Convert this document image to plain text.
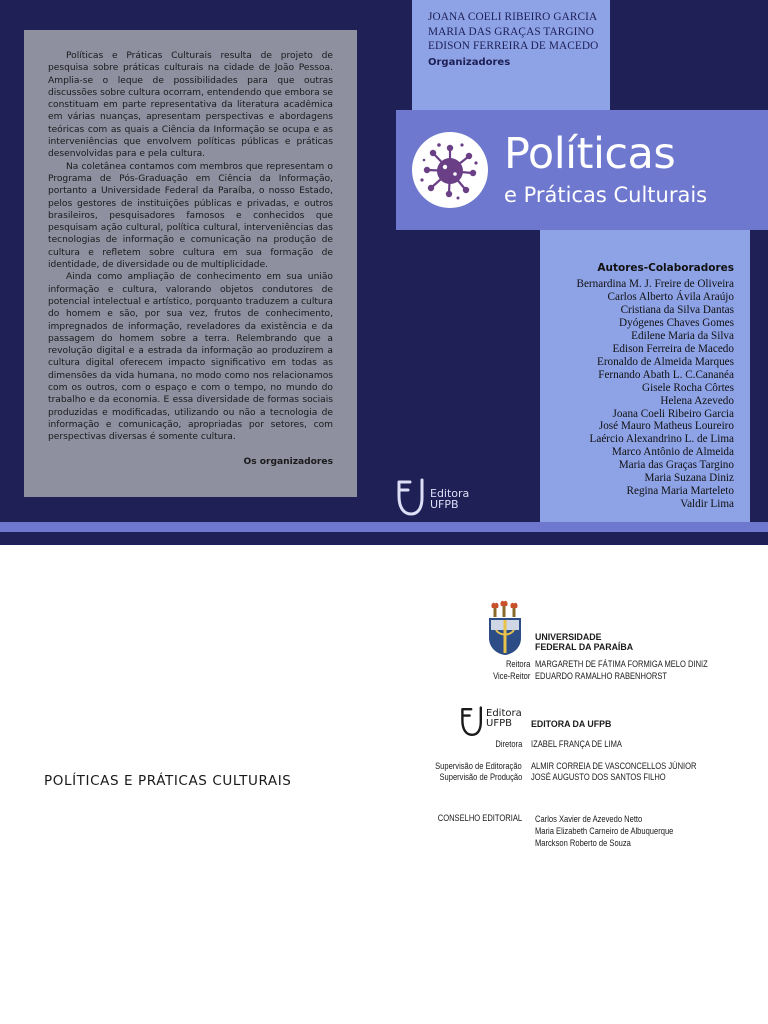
Políticas e Práticas Culturais resulta de projeto de pesquisa sobre práticas culturais na cidade de João Pessoa. Amplia-se o leque de possibilidades para que outras discussões sobre cultura ocorram, entendendo que embora se constituam em parte representativa da literatura acadêmica em várias nuanças, apresentam perspectivas e abordagens teóricas com as quais a Ciência da Informação se ocupa e as interveniências que envolvem políticas públicas e práticas desenvolvidas para e pela cultura.

Na coletânea contamos com membros que representam o Programa de Pós-Graduação em Ciência da Informação, portanto a Universidade Federal da Paraíba, o nosso Estado, pelos gestores de instituições públicas e privadas, e outros brasileiros, pesquisadores famosos e conhecidos que pesquisam ação cultural, política cultural, interveniências das tecnologias de informação e comunicação na produção de cultura e refletem sobre cultura em sua formação de identidade, de diversidade ou de multiplicidade.

Ainda como ampliação de conhecimento em sua união informação e cultura, valorando objetos condutores de potencial intelectual e artístico, porquanto traduzem a cultura do homem e são, por sua vez, frutos de conhecimento, impregnados de informação, reveladores da existência e da passagem do homem sobre a terra. Relembrando que a revolução digital e a estrada da informação ao produzirem a cultura digital oferecem impacto significativo em todas as dimensões da vida humana, no modo como nos relacionamos com os outros, com o espaço e com o tempo, no mundo do trabalho e da economia. E essa diversidade de formas sociais produzidas e modificadas, utilizando ou não a tecnologia de informação e comunicação, apropriadas por setores, com perspectivas diversas é somente cultura.

Os organizadores

JOANA COELI RIBEIRO GARCIA
MARIA DAS GRAÇAS TARGINO
EDISON FERREIRA DE MACEDO
Organizadores
Políticas
e Práticas Culturais
Autores-Colaboradores
Bernardina M. J. Freire de Oliveira
Carlos Alberto Ávila Araújo
Cristiana da Silva Dantas
Dyógenes Chaves Gomes
Edilene Maria da Silva
Edison Ferreira de Macedo
Eronaldo de Almeida Marques
Fernando Abath L. C.Cananéa
Gisele Rocha Côrtes
Helena Azevedo
Joana Coeli Ribeiro Garcia
José Mauro Matheus Loureiro
Laércio Alexandrino L. de Lima
Marco Antônio de Almeida
Maria das Graças Targino
Maria Suzana Diniz
Regina Maria Marteleto
Valdir Lima
Editora
UFPB
POLÍTICAS E PRÁTICAS CULTURAIS
UNIVERSIDADE
FEDERAL DA PARAÍBA
Reitora MARGARETH DE FÁTIMA FORMIGA MELO DINIZ
Vice-Reitor EDUARDO RAMALHO RABENHORST
Editora
UFPB	EDITORA DA UFPB
Diretora IZABEL FRANÇA DE LIMA
Supervisão de Editoração ALMIR CORREIA DE VASCONCELLOS JÚNIOR
Supervisão de Produção JOSÉ AUGUSTO DOS SANTOS FILHO
CONSELHO EDITORIAL Carlos Xavier de Azevedo Netto
Maria Elizabeth Carneiro de Albuquerque
Marckson Roberto de Souza
